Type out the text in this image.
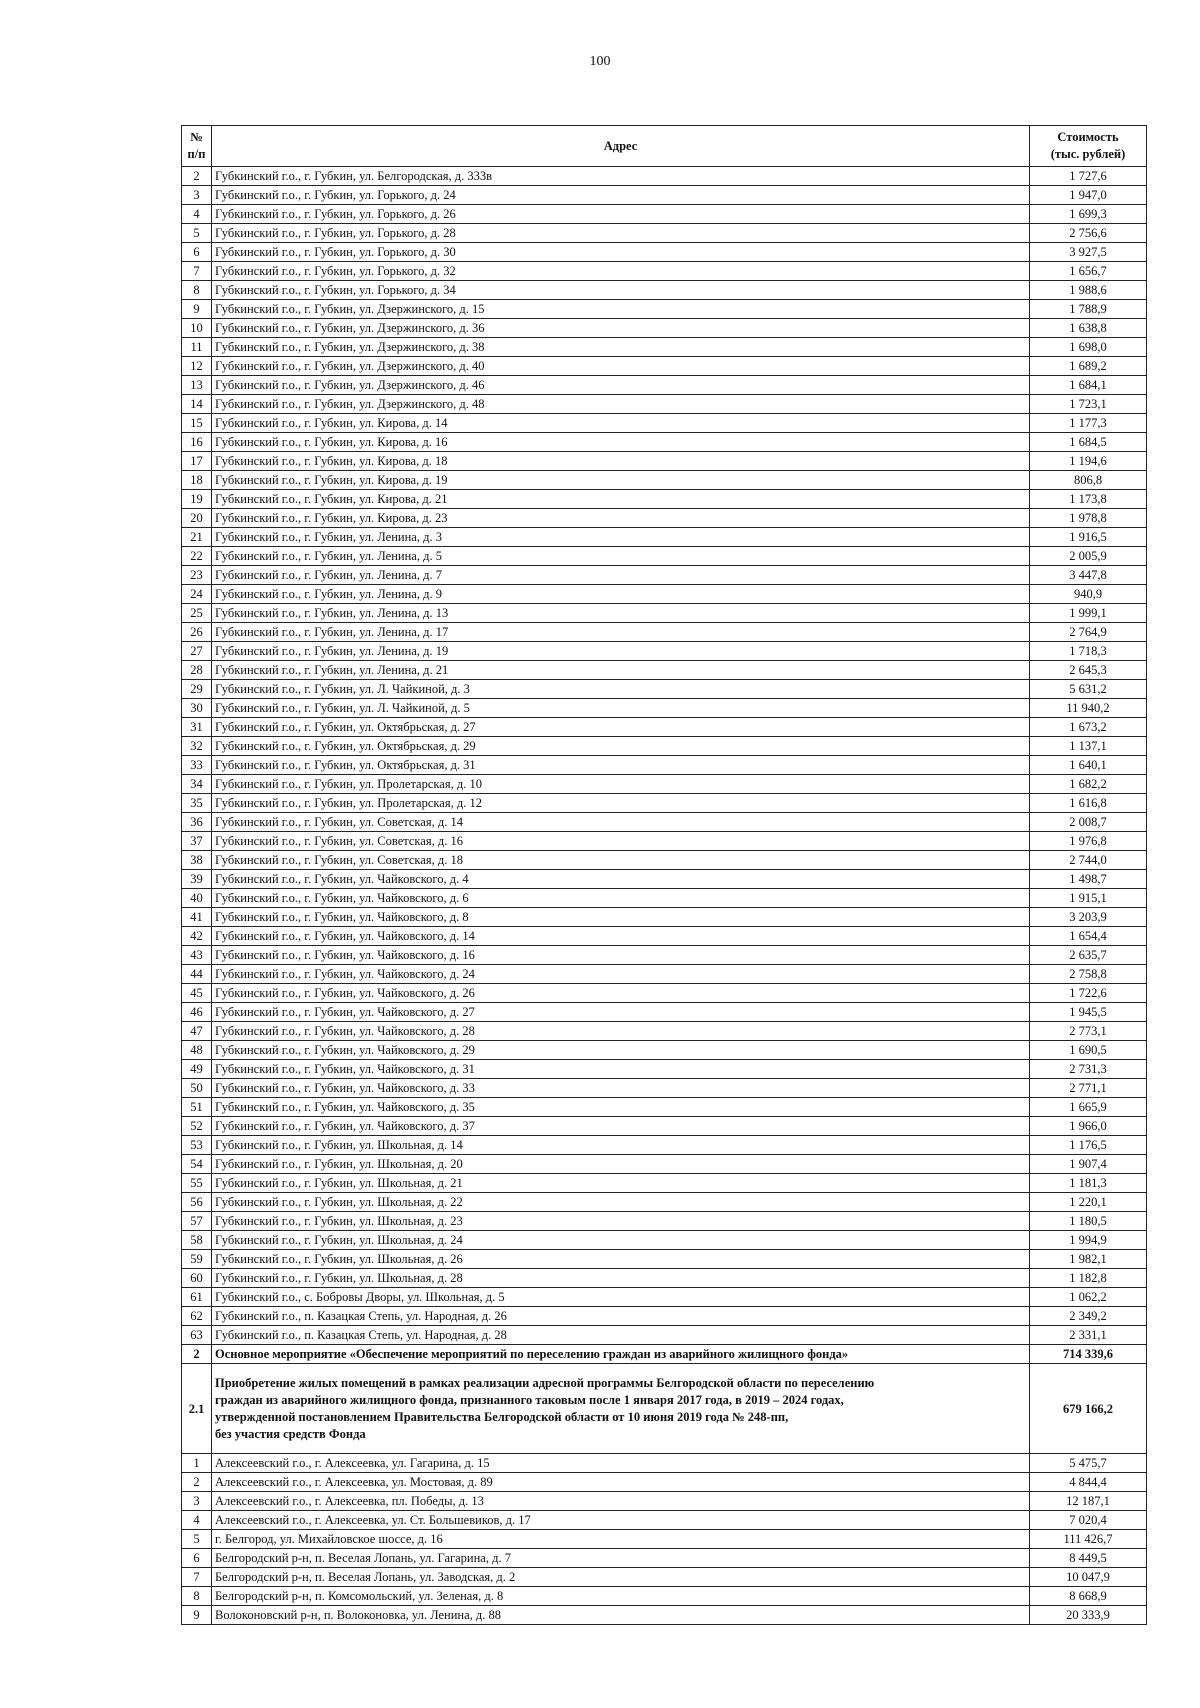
100
№
п/п	Адрес	Стоимость
(тыс. рублей)
2	Губкинский г.о., г. Губкин, ул. Белгородская, д. 333в	1 727,6
3	Губкинский г.о., г. Губкин, ул. Горького, д. 24	1 947,0
4	Губкинский г.о., г. Губкин, ул. Горького, д. 26	1 699,3
5	Губкинский г.о., г. Губкин, ул. Горького, д. 28	2 756,6
6	Губкинский г.о., г. Губкин, ул. Горького, д. 30	3 927,5
7	Губкинский г.о., г. Губкин, ул. Горького, д. 32	1 656,7
8	Губкинский г.о., г. Губкин, ул. Горького, д. 34	1 988,6
9	Губкинский г.о., г. Губкин, ул. Дзержинского, д. 15	1 788,9
10	Губкинский г.о., г. Губкин, ул. Дзержинского, д. 36	1 638,8
11	Губкинский г.о., г. Губкин, ул. Дзержинского, д. 38	1 698,0
12	Губкинский г.о., г. Губкин, ул. Дзержинского, д. 40	1 689,2
13	Губкинский г.о., г. Губкин, ул. Дзержинского, д. 46	1 684,1
14	Губкинский г.о., г. Губкин, ул. Дзержинского, д. 48	1 723,1
15	Губкинский г.о., г. Губкин, ул. Кирова, д. 14	1 177,3
16	Губкинский г.о., г. Губкин, ул. Кирова, д. 16	1 684,5
17	Губкинский г.о., г. Губкин, ул. Кирова, д. 18	1 194,6
18	Губкинский г.о., г. Губкин, ул. Кирова, д. 19	806,8
19	Губкинский г.о., г. Губкин, ул. Кирова, д. 21	1 173,8
20	Губкинский г.о., г. Губкин, ул. Кирова, д. 23	1 978,8
21	Губкинский г.о., г. Губкин, ул. Ленина, д. 3	1 916,5
22	Губкинский г.о., г. Губкин, ул. Ленина, д. 5	2 005,9
23	Губкинский г.о., г. Губкин, ул. Ленина, д. 7	3 447,8
24	Губкинский г.о., г. Губкин, ул. Ленина, д. 9	940,9
25	Губкинский г.о., г. Губкин, ул. Ленина, д. 13	1 999,1
26	Губкинский г.о., г. Губкин, ул. Ленина, д. 17	2 764,9
27	Губкинский г.о., г. Губкин, ул. Ленина, д. 19	1 718,3
28	Губкинский г.о., г. Губкин, ул. Ленина, д. 21	2 645,3
29	Губкинский г.о., г. Губкин, ул. Л. Чайкиной, д. 3	5 631,2
30	Губкинский г.о., г. Губкин, ул. Л. Чайкиной, д. 5	11 940,2
31	Губкинский г.о., г. Губкин, ул. Октябрьская, д. 27	1 673,2
32	Губкинский г.о., г. Губкин, ул. Октябрьская, д. 29	1 137,1
33	Губкинский г.о., г. Губкин, ул. Октябрьская, д. 31	1 640,1
34	Губкинский г.о., г. Губкин, ул. Пролетарская, д. 10	1 682,2
35	Губкинский г.о., г. Губкин, ул. Пролетарская, д. 12	1 616,8
36	Губкинский г.о., г. Губкин, ул. Советская, д. 14	2 008,7
37	Губкинский г.о., г. Губкин, ул. Советская, д. 16	1 976,8
38	Губкинский г.о., г. Губкин, ул. Советская, д. 18	2 744,0
39	Губкинский г.о., г. Губкин, ул. Чайковского, д. 4	1 498,7
40	Губкинский г.о., г. Губкин, ул. Чайковского, д. 6	1 915,1
41	Губкинский г.о., г. Губкин, ул. Чайковского, д. 8	3 203,9
42	Губкинский г.о., г. Губкин, ул. Чайковского, д. 14	1 654,4
43	Губкинский г.о., г. Губкин, ул. Чайковского, д. 16	2 635,7
44	Губкинский г.о., г. Губкин, ул. Чайковского, д. 24	2 758,8
45	Губкинский г.о., г. Губкин, ул. Чайковского, д. 26	1 722,6
46	Губкинский г.о., г. Губкин, ул. Чайковского, д. 27	1 945,5
47	Губкинский г.о., г. Губкин, ул. Чайковского, д. 28	2 773,1
48	Губкинский г.о., г. Губкин, ул. Чайковского, д. 29	1 690,5
49	Губкинский г.о., г. Губкин, ул. Чайковского, д. 31	2 731,3
50	Губкинский г.о., г. Губкин, ул. Чайковского, д. 33	2 771,1
51	Губкинский г.о., г. Губкин, ул. Чайковского, д. 35	1 665,9
52	Губкинский г.о., г. Губкин, ул. Чайковского, д. 37	1 966,0
53	Губкинский г.о., г. Губкин, ул. Школьная, д. 14	1 176,5
54	Губкинский г.о., г. Губкин, ул. Школьная, д. 20	1 907,4
55	Губкинский г.о., г. Губкин, ул. Школьная, д. 21	1 181,3
56	Губкинский г.о., г. Губкин, ул. Школьная, д. 22	1 220,1
57	Губкинский г.о., г. Губкин, ул. Школьная, д. 23	1 180,5
58	Губкинский г.о., г. Губкин, ул. Школьная, д. 24	1 994,9
59	Губкинский г.о., г. Губкин, ул. Школьная, д. 26	1 982,1
60	Губкинский г.о., г. Губкин, ул. Школьная, д. 28	1 182,8
61	Губкинский г.о., с. Бобровы Дворы, ул. Школьная, д. 5	1 062,2
62	Губкинский г.о., п. Казацкая Степь, ул. Народная, д. 26	2 349,2
63	Губкинский г.о., п. Казацкая Степь, ул. Народная, д. 28	2 331,1
2	Основное мероприятие «Обеспечение мероприятий по переселению граждан из аварийного жилищного фонда»	714 339,6
2.1	Приобретение жилых помещений в рамках реализации адресной программы Белгородской области по переселению
граждан из аварийного жилищного фонда, признанного таковым после 1 января 2017 года, в 2019 – 2024 годах,
утвержденной постановлением Правительства Белгородской области от 10 июня 2019 года № 248-пп,
без участия средств Фонда	679 166,2
1	Алексеевский г.о., г. Алексеевка, ул. Гагарина, д. 15	5 475,7
2	Алексеевский г.о., г. Алексеевка, ул. Мостовая, д. 89	4 844,4
3	Алексеевский г.о., г. Алексеевка, пл. Победы, д. 13	12 187,1
4	Алексеевский г.о., г. Алексеевка, ул. Ст. Большевиков, д. 17	7 020,4
5	г. Белгород, ул. Михайловское шоссе, д. 16	111 426,7
6	Белгородский р-н, п. Веселая Лопань, ул. Гагарина, д. 7	8 449,5
7	Белгородский р-н, п. Веселая Лопань, ул. Заводская, д. 2	10 047,9
8	Белгородский р-н, п. Комсомольский, ул. Зеленая, д. 8	8 668,9
9	Волоконовский р-н, п. Волоконовка, ул. Ленина, д. 88	20 333,9
